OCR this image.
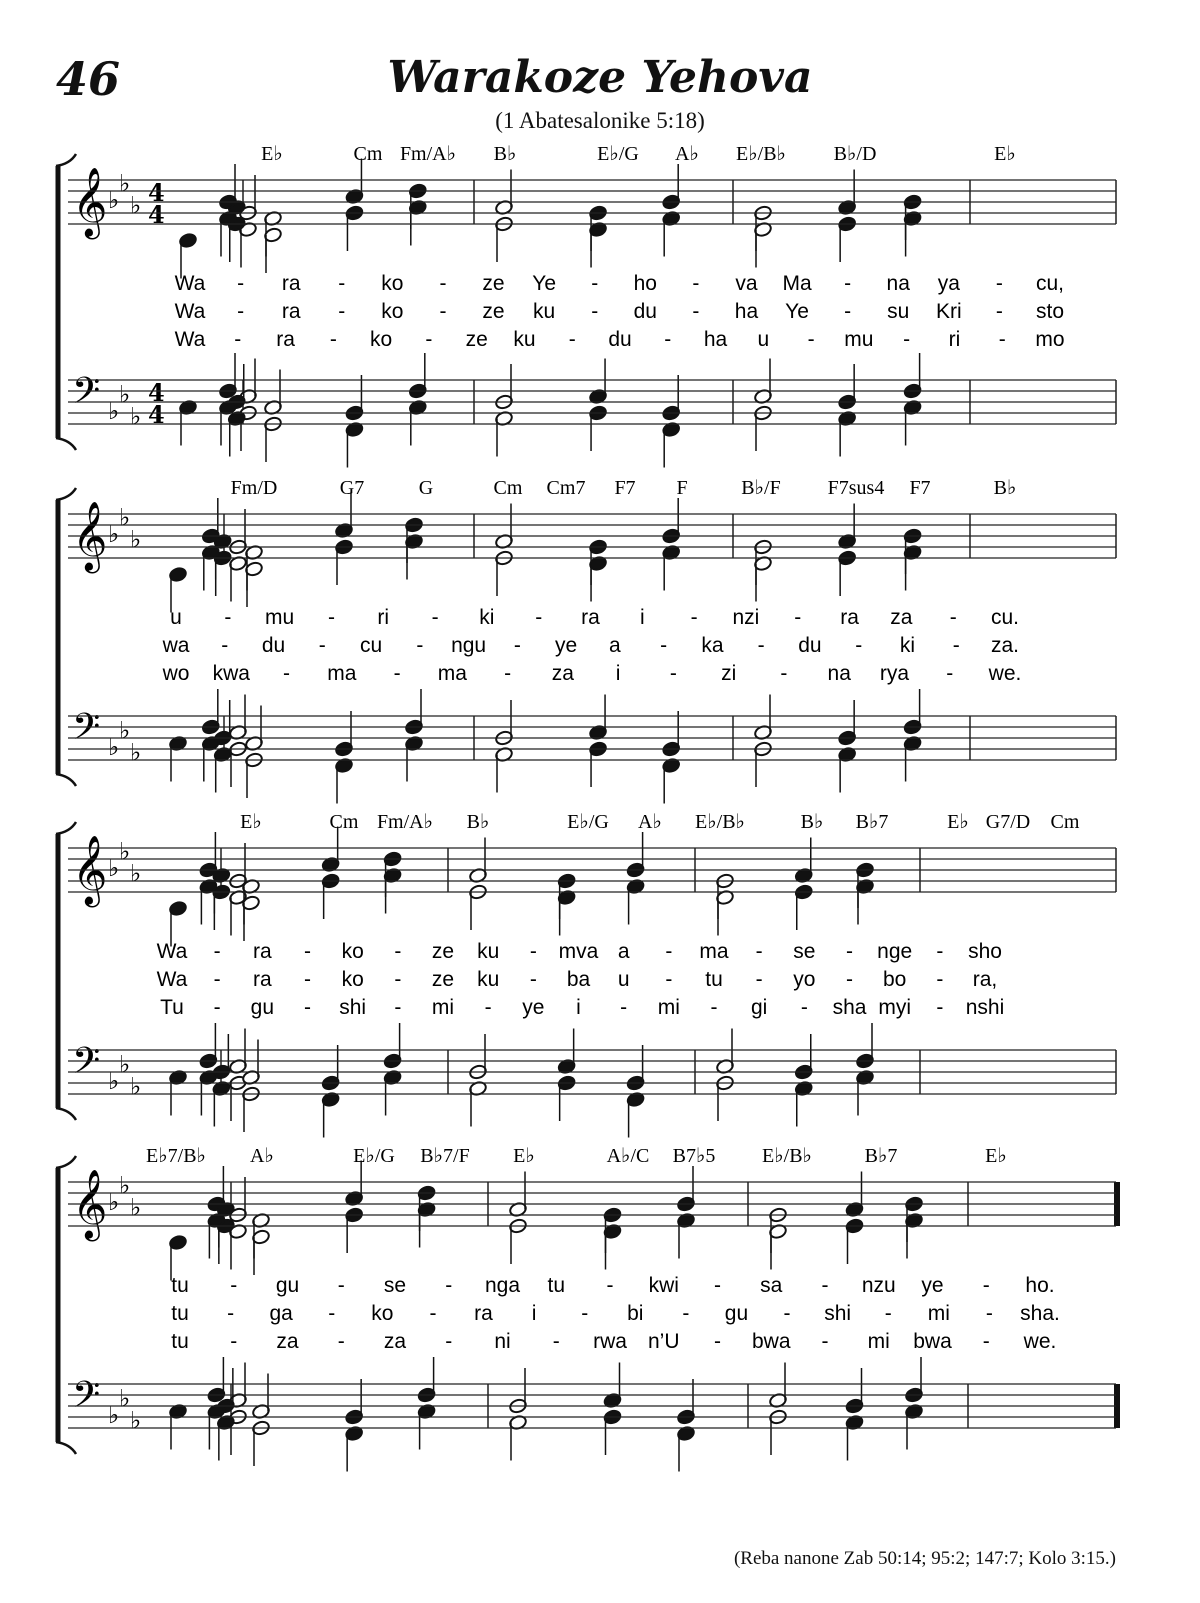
46	Warakoze Yehova
(1 Abatesalonike 5:18)
(Reba nanone Zab 50:14; 95:2; 147:7; Kolo 3:15.)
𝄞
𝄢
♭
♭
♭
♭
♭
♭
4
4
4
4
E♭	Cm Fm/A♭ B♭	E♭/G A♭ E♭/B♭ B♭/D	E♭
Wa - ra - ko - ze Ye - ho - va Ma - na ya - cu,
Wa - ra - ko - ze ku - du - ha Ye - su Kri - sto
Wa - ra - ko - ze ku - du - ha u - mu - ri - mo
𝄞
𝄢
♭
♭
♭
♭
♭
♭
Fm/D	G7	G	Cm Cm7 F7 F	B♭/F F7sus4 F7	B♭
u - mu - ri - ki - ra i - nzi - ra za - cu.
wa - du - cu - ngu - ye a - ka - du - ki - za.
wo kwa - ma - ma - za i - zi - na rya - we.
𝄞
𝄢
♭
♭
♭
♭
♭
♭
E♭	Cm Fm/A♭ B♭	E♭/G A♭ E♭/B♭	B♭ B♭7	E♭ G7/D Cm
Wa - ra - ko - ze ku - mva a - ma - se - nge - sho
Wa - ra - ko - ze ku - ba u - tu - yo - bo - ra,
Tu - gu - shi - mi - ye i - mi - gi - sha myi - nshi
𝄞
𝄢
♭
♭
♭
♭
♭
♭
E♭7/B♭ A♭	E♭/G B♭7/F E♭	A♭/C B7♭5 E♭/B♭	B♭7	E♭
tu - gu - se - nga tu - kwi - sa - nzu ye - ho.
tu - ga - ko - ra i - bi - gu - shi - mi - sha.
tu - za - za - ni - rwa n’U - bwa - mi bwa - we.
